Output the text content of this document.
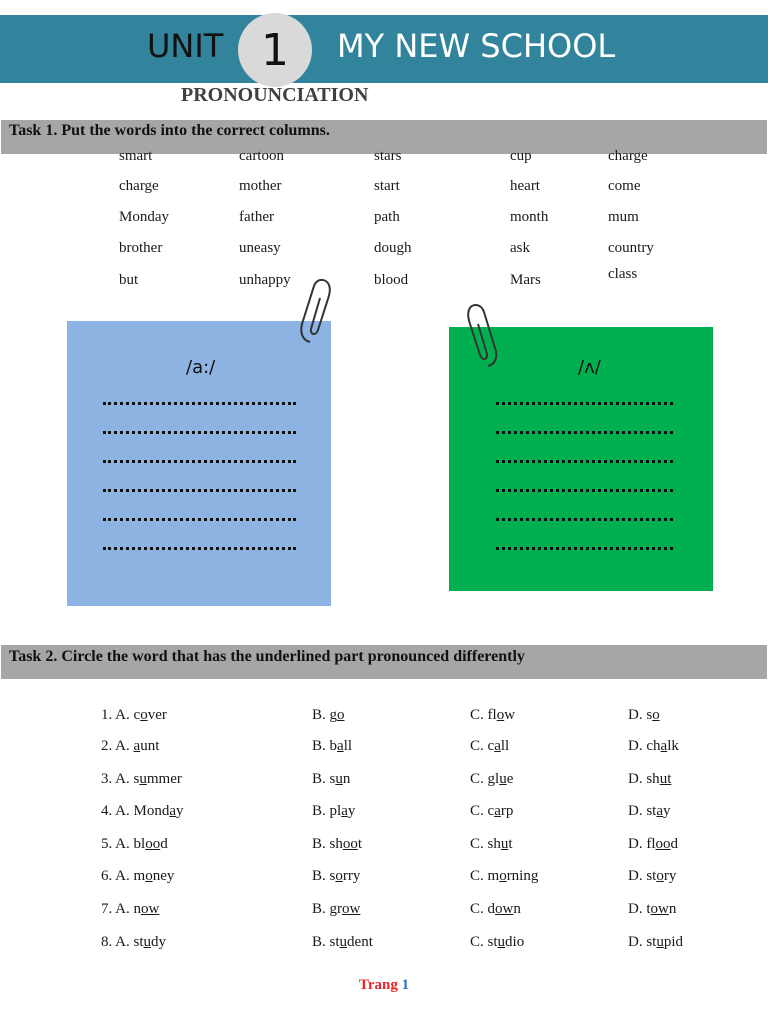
UNIT 1 MY NEW SCHOOL
PRONOUNCIATION
Task 1. Put the words into the correct columns.
smart	cartoon	stars	cup	charge
charge	mother	start	heart	come
Monday	father	path	month	mum
brother	uneasy	dough	ask	country
but	unhappy	blood	Mars	class
/a:/	/ʌ/
Task 2. Circle the word that has the underlined part pronounced differently
1. A. cover	B. go	C. flow	D. so
2. A. aunt	B. ball	C. call	D. chalk
3. A. summer	B. sun	C. glue	D. shut
4. A. Monday	B. play	C. carp	D. stay
5. A. blood	B. shoot	C. shut	D. flood
6. A. money	B. sorry	C. morning	D. story
7. A. now	B. grow	C. down	D. town
8. A. study	B. student	C. studio	D. stupid
Trang 1
